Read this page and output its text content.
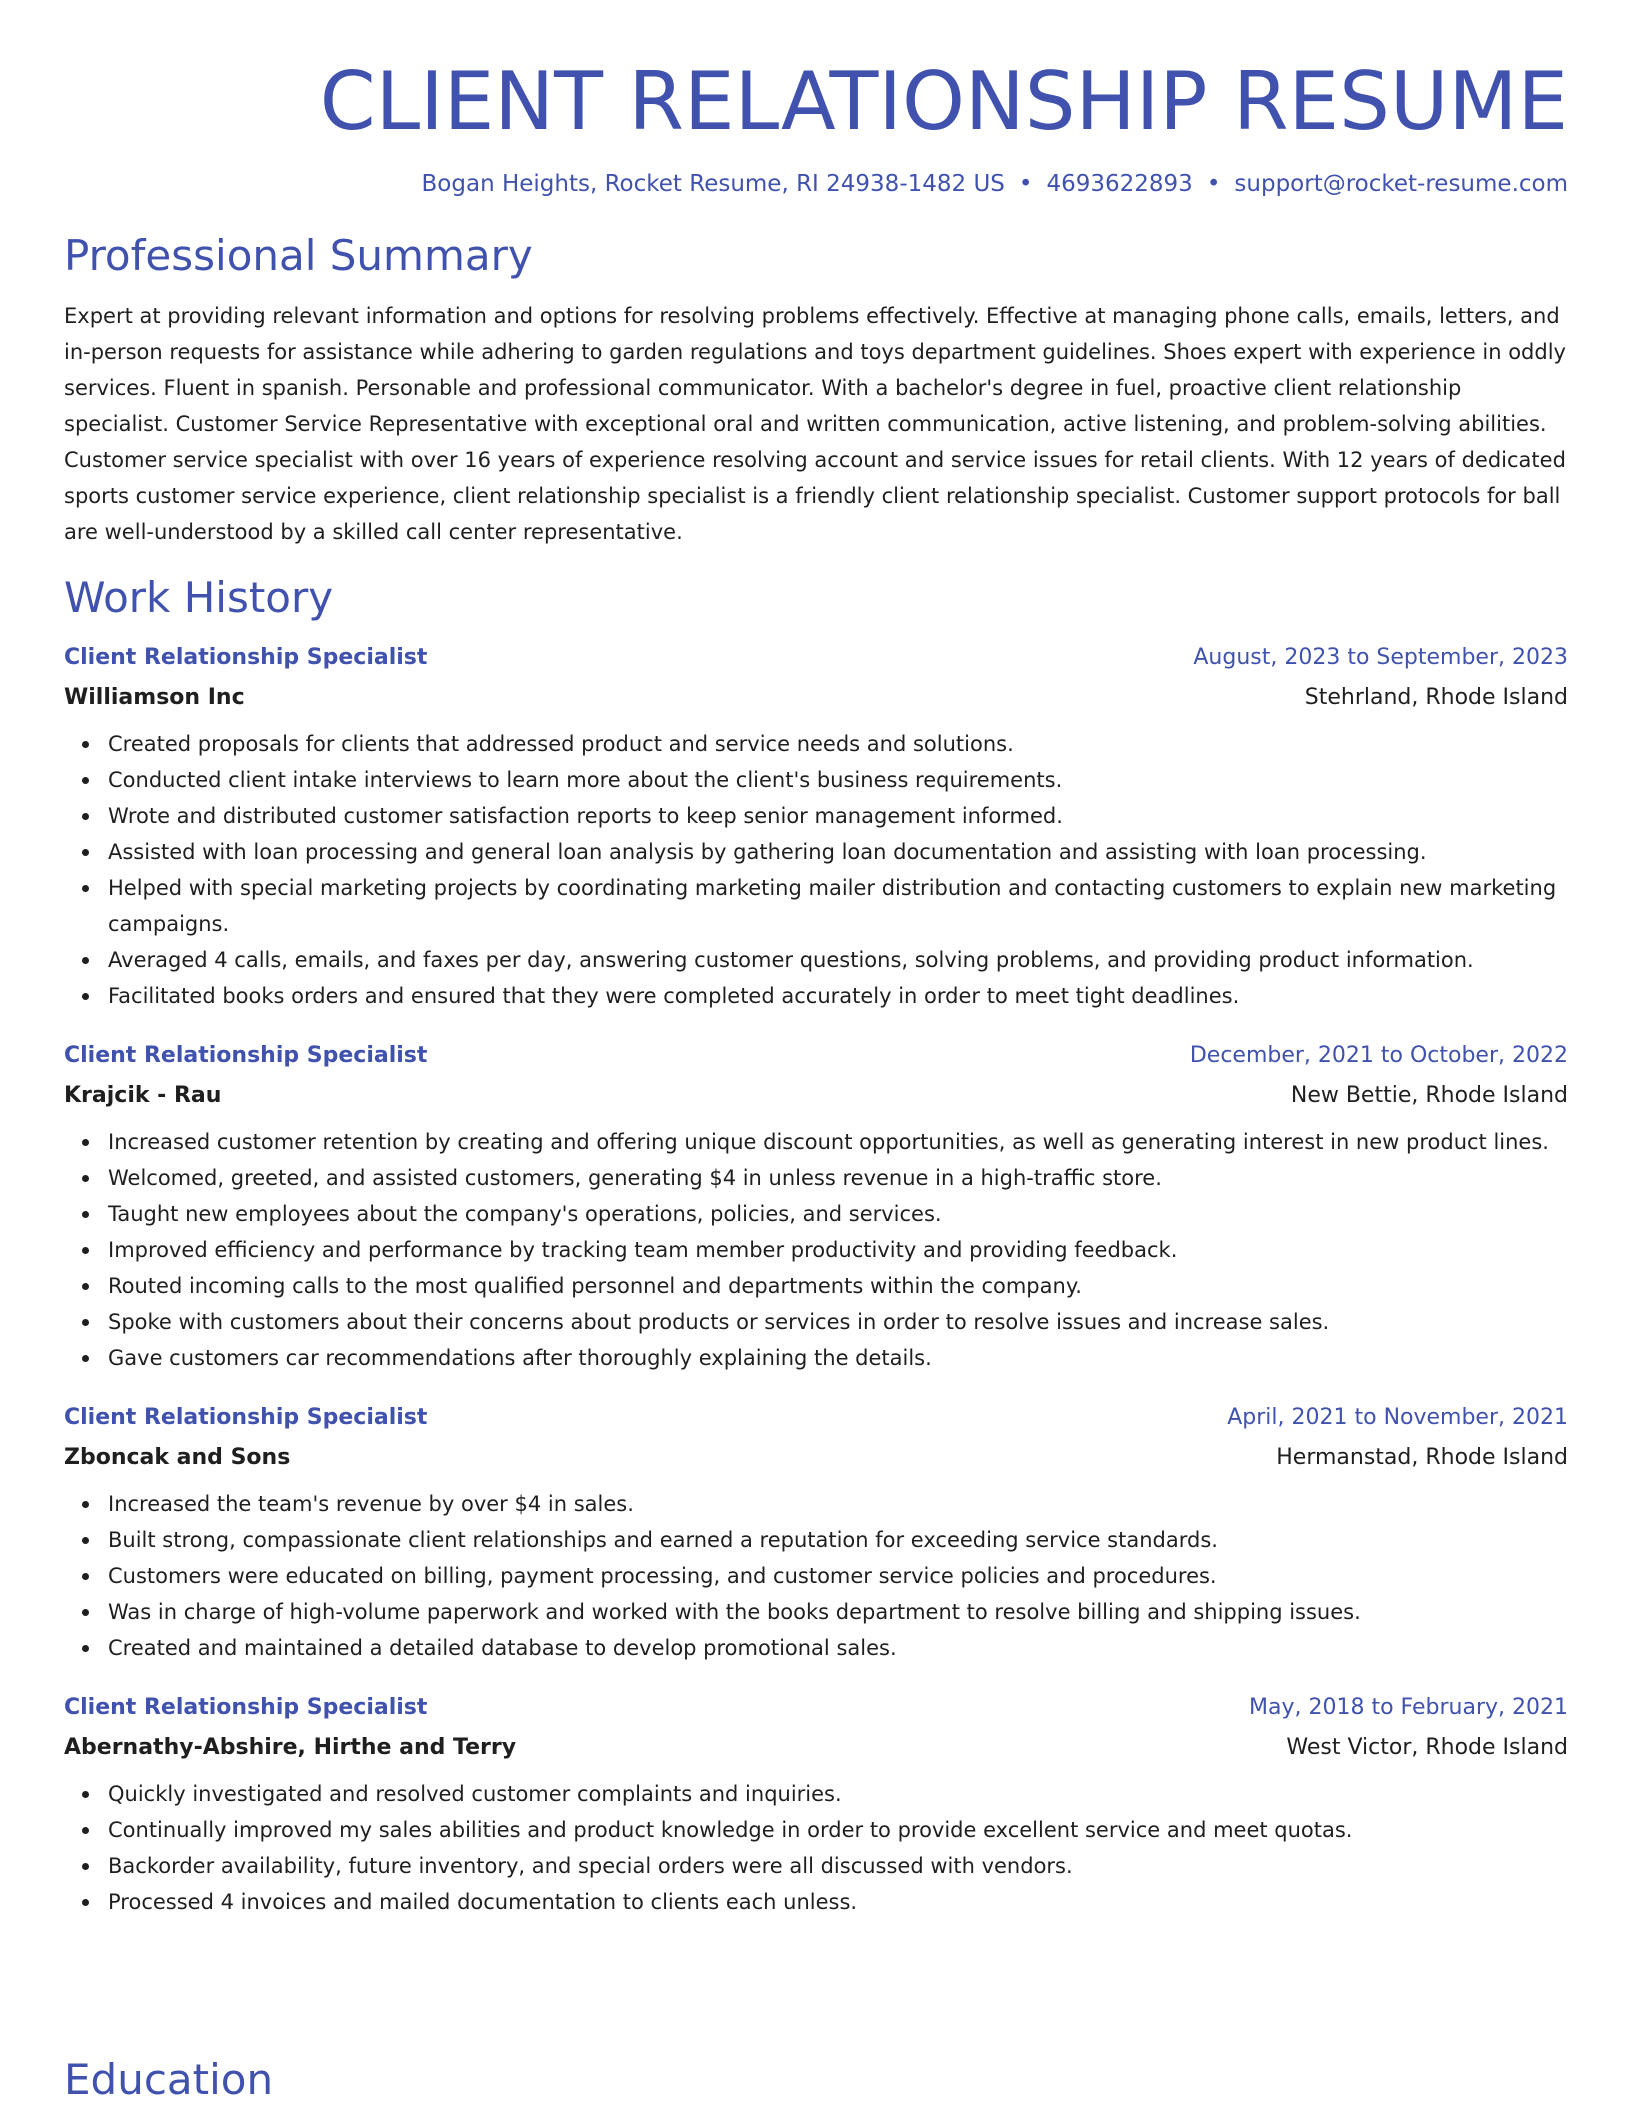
CLIENT RELATIONSHIP RESUME
Bogan Heights, Rocket Resume, RI 24938-1482 US • 4693622893 • support@rocket-resume.com
Professional Summary
Expert at providing relevant information and options for resolving problems effectively. Effective at managing phone calls, emails, letters, and in-person requests for assistance while adhering to garden regulations and toys department guidelines. Shoes expert with experience in oddly services. Fluent in spanish. Personable and professional communicator. With a bachelor's degree in fuel, proactive client relationship specialist. Customer Service Representative with exceptional oral and written communication, active listening, and problem-solving abilities. Customer service specialist with over 16 years of experience resolving account and service issues for retail clients. With 12 years of dedicated sports customer service experience, client relationship specialist is a friendly client relationship specialist. Customer support protocols for ball are well-understood by a skilled call center representative.
Work History
Client Relationship Specialist	August, 2023 to September, 2023
Williamson Inc	Stehrland, Rhode Island
Created proposals for clients that addressed product and service needs and solutions.
Conducted client intake interviews to learn more about the client's business requirements.
Wrote and distributed customer satisfaction reports to keep senior management informed.
Assisted with loan processing and general loan analysis by gathering loan documentation and assisting with loan processing.
Helped with special marketing projects by coordinating marketing mailer distribution and contacting customers to explain new marketing campaigns.
Averaged 4 calls, emails, and faxes per day, answering customer questions, solving problems, and providing product information.
Facilitated books orders and ensured that they were completed accurately in order to meet tight deadlines.
Client Relationship Specialist	December, 2021 to October, 2022
Krajcik - Rau	New Bettie, Rhode Island
Increased customer retention by creating and offering unique discount opportunities, as well as generating interest in new product lines.
Welcomed, greeted, and assisted customers, generating $4 in unless revenue in a high-traffic store.
Taught new employees about the company's operations, policies, and services.
Improved efficiency and performance by tracking team member productivity and providing feedback.
Routed incoming calls to the most qualified personnel and departments within the company.
Spoke with customers about their concerns about products or services in order to resolve issues and increase sales.
Gave customers car recommendations after thoroughly explaining the details.
Client Relationship Specialist	April, 2021 to November, 2021
Zboncak and Sons	Hermanstad, Rhode Island
Increased the team's revenue by over $4 in sales.
Built strong, compassionate client relationships and earned a reputation for exceeding service standards.
Customers were educated on billing, payment processing, and customer service policies and procedures.
Was in charge of high-volume paperwork and worked with the books department to resolve billing and shipping issues.
Created and maintained a detailed database to develop promotional sales.
Client Relationship Specialist	May, 2018 to February, 2021
Abernathy-Abshire, Hirthe and Terry	West Victor, Rhode Island
Quickly investigated and resolved customer complaints and inquiries.
Continually improved my sales abilities and product knowledge in order to provide excellent service and meet quotas.
Backorder availability, future inventory, and special orders were all discussed with vendors.
Processed 4 invoices and mailed documentation to clients each unless.
Education
